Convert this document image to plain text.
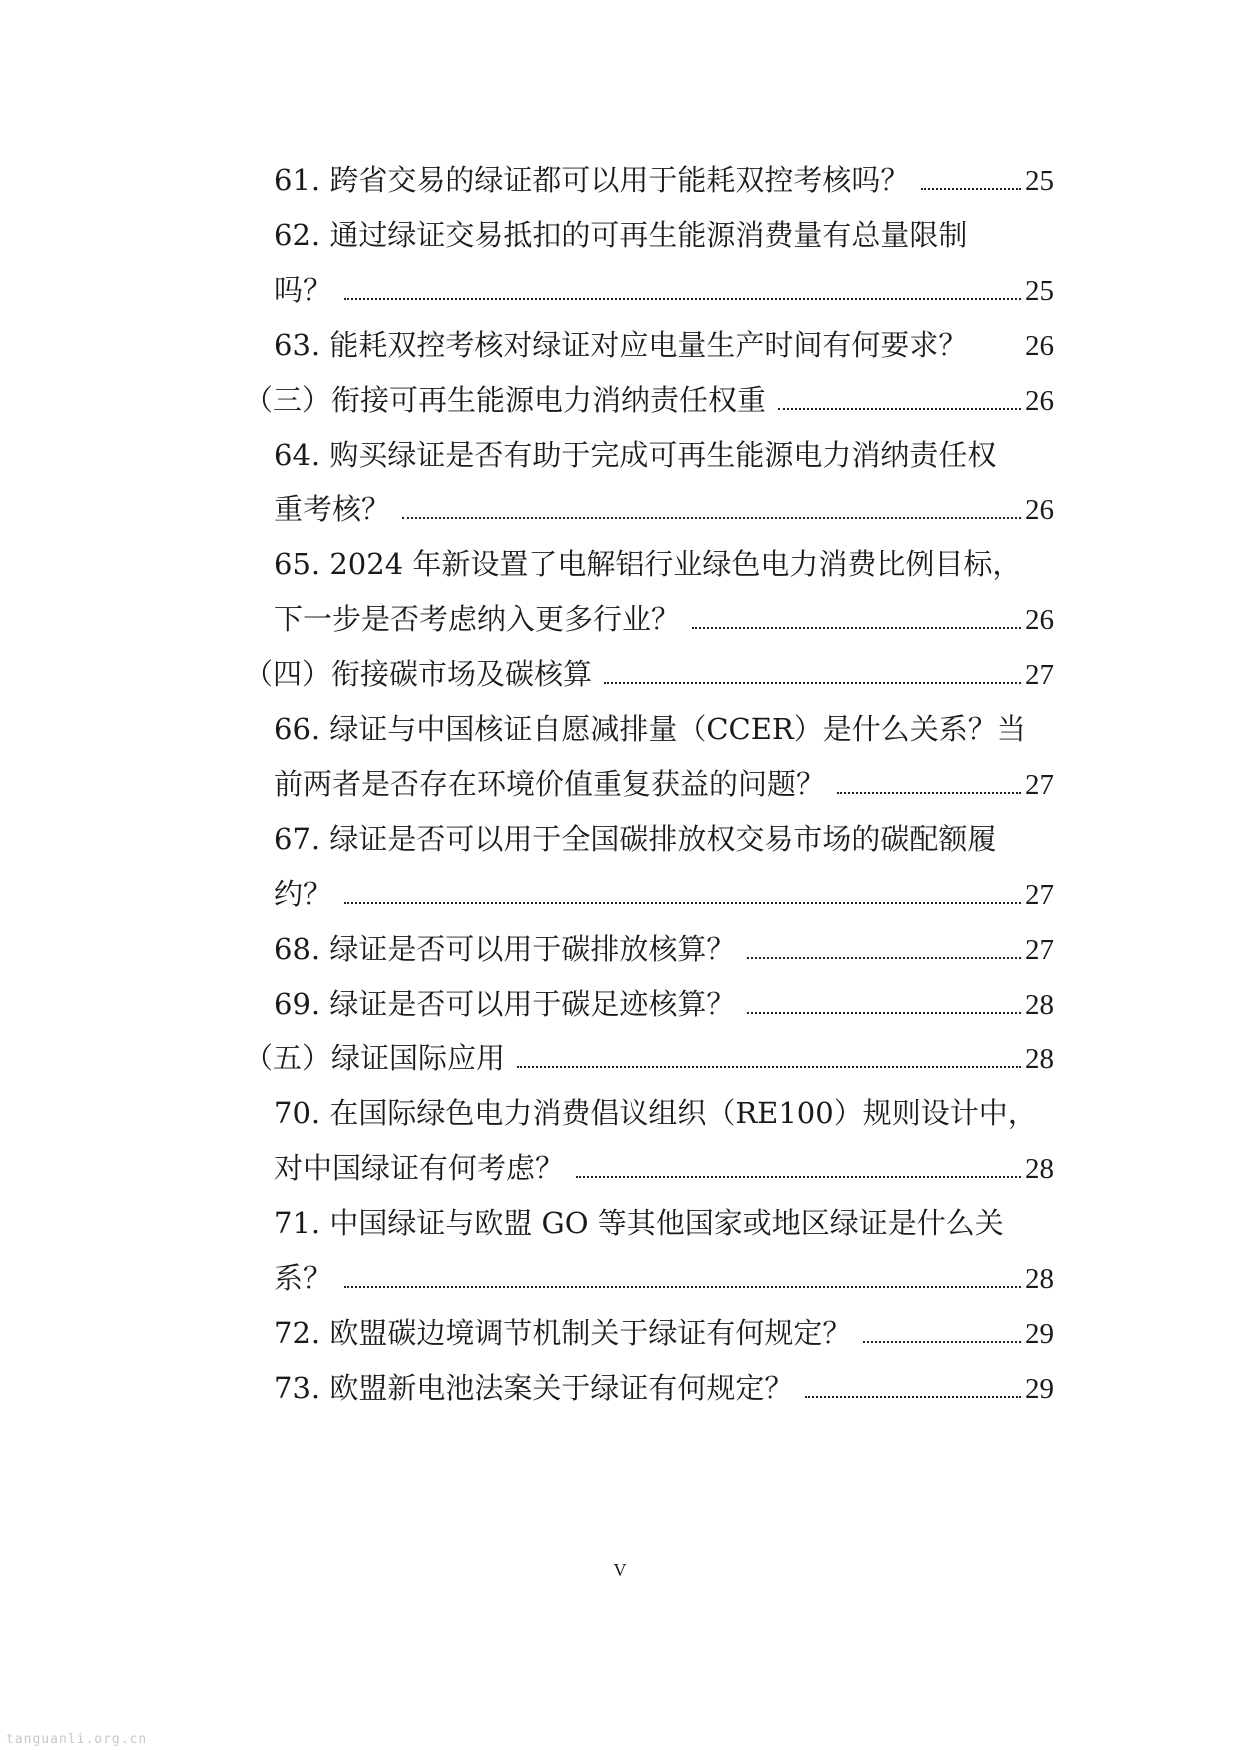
61. 跨省交易的绿证都可以用于能耗双控考核吗？	25
62. 通过绿证交易抵扣的可再生能源消费量有总量限制
吗？	25
63. 能耗双控考核对绿证对应电量生产时间有何要求？ 26
（三）衔接可再生能源电力消纳责任权重	26
64. 购买绿证是否有助于完成可再生能源电力消纳责任权
重考核？	26
65. 2024 年新设置了电解铝行业绿色电力消费比例目标，
下一步是否考虑纳入更多行业？	26
（四）衔接碳市场及碳核算	27
66. 绿证与中国核证自愿减排量（CCER）是什么关系？当
前两者是否存在环境价值重复获益的问题？	27
67. 绿证是否可以用于全国碳排放权交易市场的碳配额履
约？	27
68. 绿证是否可以用于碳排放核算？	27
69. 绿证是否可以用于碳足迹核算？	28
（五）绿证国际应用	28
70. 在国际绿色电力消费倡议组织（RE100）规则设计中，
对中国绿证有何考虑？	28
71. 中国绿证与欧盟 GO 等其他国家或地区绿证是什么关
系？	28
72. 欧盟碳边境调节机制关于绿证有何规定？	29
73. 欧盟新电池法案关于绿证有何规定？	29
V
tanguanli.org.cn
